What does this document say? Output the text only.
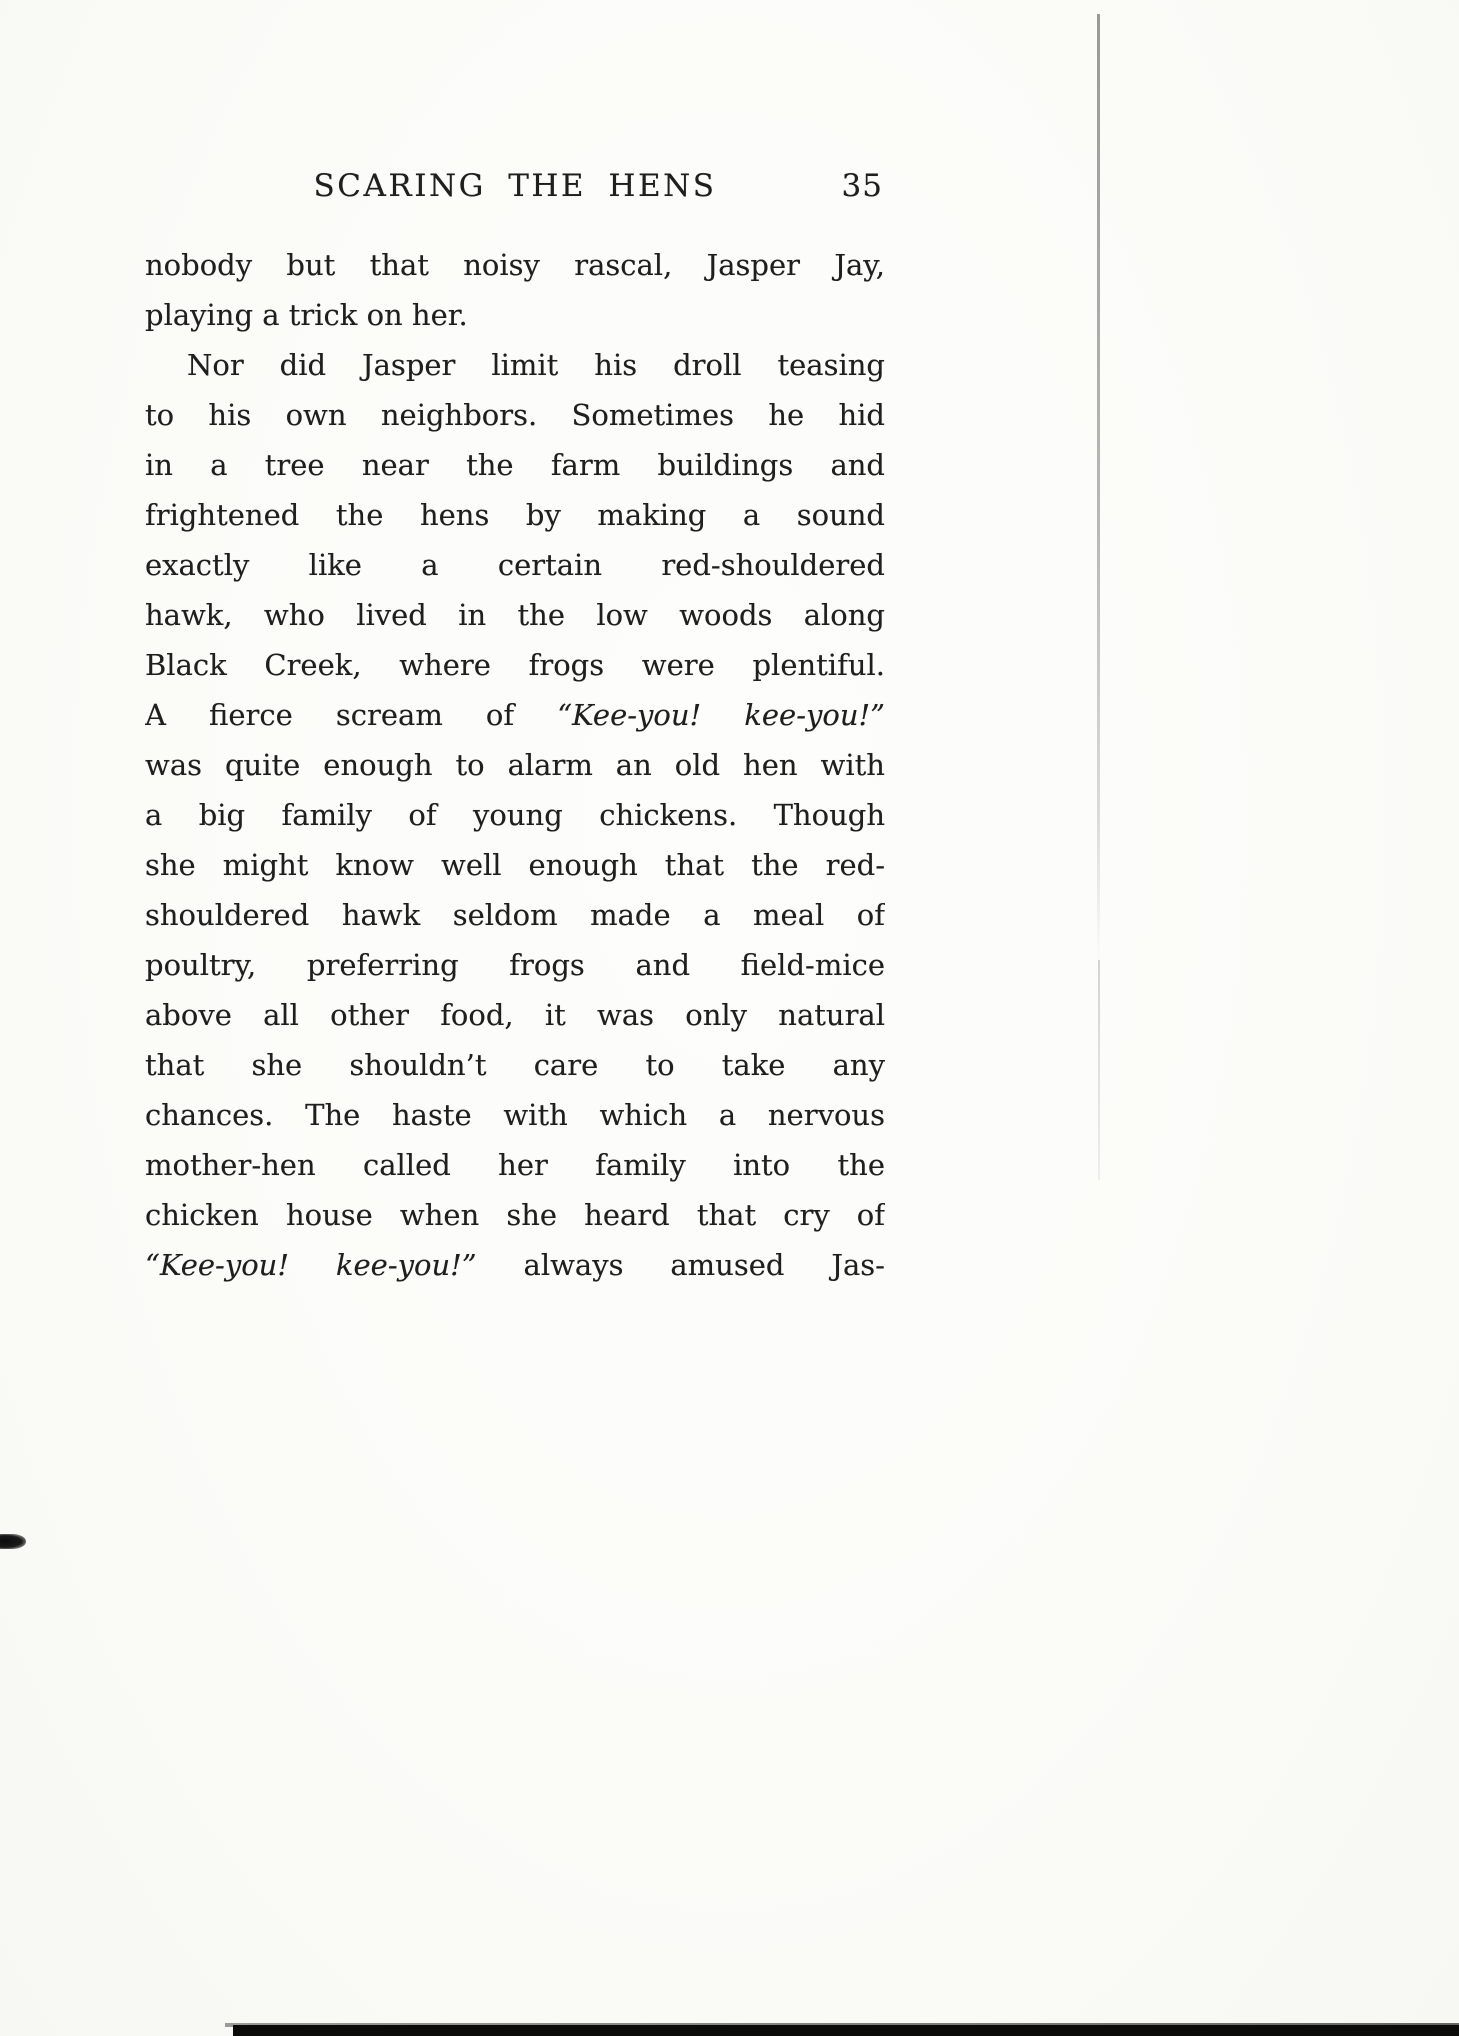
SCARING THE HENS	35
nobody but that noisy rascal, Jasper Jay,
playing a trick on her.
Nor did Jasper limit his droll teasing
to his own neighbors. Sometimes he hid
in a tree near the farm buildings and
frightened the hens by making a sound
exactly like a certain red-shouldered
hawk, who lived in the low woods along
Black Creek, where frogs were plentiful.
A fierce scream of “Kee-you! kee-you!”
was quite enough to alarm an old hen with
a big family of young chickens. Though
she might know well enough that the red-
shouldered hawk seldom made a meal of
poultry, preferring frogs and field-mice
above all other food, it was only natural
that she shouldn’t care to take any
chances. The haste with which a nervous
mother-hen called her family into the
chicken house when she heard that cry of
“Kee-you! kee-you!” always amused Jas-
